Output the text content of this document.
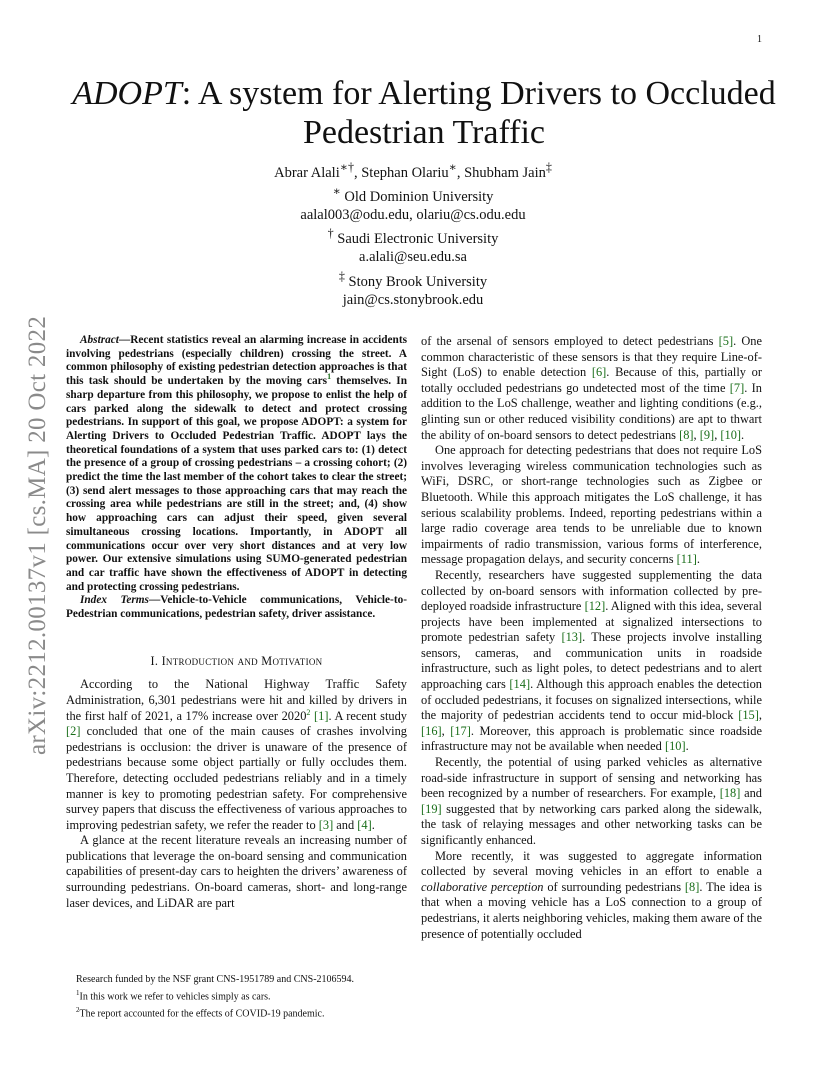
1
arXiv:2212.00137v1 [cs.MA] 20 Oct 2022
ADOPT: A system for Alerting Drivers to Occluded
Pedestrian Traffic
Abrar Alali∗†, Stephan Olariu∗, Shubham Jain‡
∗ Old Dominion University
aalal003@odu.edu, olariu@cs.odu.edu
† Saudi Electronic University
a.alali@seu.edu.sa
‡ Stony Brook University
jain@cs.stonybrook.edu

Abstract—Recent statistics reveal an alarming increase in accidents involving pedestrians (especially children) crossing the street. A common philosophy of existing pedestrian detection approaches is that this task should be undertaken by the moving cars$^1$ themselves. In sharp departure from this philosophy, we propose to enlist the help of cars parked along the sidewalk to detect and protect crossing pedestrians. In support of this goal, we propose ADOPT: a system for Alerting Drivers to Occluded Pedestrian Traffic. ADOPT lays the theoretical foundations of a system that uses parked cars to: (1) detect the presence of a group of crossing pedestrians – a crossing cohort; (2) predict the time the last member of the cohort takes to clear the street; (3) send alert messages to those approaching cars that may reach the crossing area while pedestrians are still in the street; and, (4) show how approaching cars can adjust their speed, given several simultaneous crossing locations. Importantly, in ADOPT all communications occur over very short distances and at very low power. Our extensive simulations using SUMO-generated pedestrian and car traffic have shown the effectiveness of ADOPT in detecting and protecting crossing pedestrians.

Index Terms—Vehicle-to-Vehicle communications, Vehicle-to-Pedestrian communications, pedestrian safety, driver assistance.

I. Introduction and Motivation

According to the National Highway Traffic Safety Administration, 6,301 pedestrians were hit and killed by drivers in the first half of 2021, a 17% increase over 2020$^2$ [1]. A recent study [2] concluded that one of the main causes of crashes involving pedestrians is occlusion: the driver is unaware of the presence of pedestrians because some object partially or fully occludes them. Therefore, detecting occluded pedestrians reliably and in a timely manner is key to promoting pedestrian safety. For comprehensive survey papers that discuss the effectiveness of various approaches to improving pedestrian safety, we refer the reader to [3] and [4].

A glance at the recent literature reveals an increasing number of publications that leverage the on-board sensing and communication capabilities of present-day cars to heighten the drivers’ awareness of surrounding pedestrians. On-board cameras, short- and long-range laser devices, and LiDAR are part

Research funded by the NSF grant CNS-1951789 and CNS-2106594.
$^1$In this work we refer to vehicles simply as cars.
$^2$The report accounted for the effects of COVID-19 pandemic.

of the arsenal of sensors employed to detect pedestrians [5]. One common characteristic of these sensors is that they require Line-of-Sight (LoS) to enable detection [6]. Because of this, partially or totally occluded pedestrians go undetected most of the time [7]. In addition to the LoS challenge, weather and lighting conditions (e.g., glinting sun or other reduced visibility conditions) are apt to thwart the ability of on-board sensors to detect pedestrians [8], [9], [10].

One approach for detecting pedestrians that does not require LoS involves leveraging wireless communication technologies such as WiFi, DSRC, or short-range technologies such as Zigbee or Bluetooth. While this approach mitigates the LoS challenge, it has serious scalability problems. Indeed, reporting pedestrians within a large radio coverage area tends to be unreliable due to known impairments of radio transmission, various forms of interference, message propagation delays, and security concerns [11].

Recently, researchers have suggested supplementing the data collected by on-board sensors with information collected by pre-deployed roadside infrastructure [12]. Aligned with this idea, several projects have been implemented at signalized intersections to promote pedestrian safety [13]. These projects involve installing sensors, cameras, and communication units in roadside infrastructure, such as light poles, to detect pedestrians and to alert approaching cars [14]. Although this approach enables the detection of occluded pedestrians, it focuses on signalized intersections, while the majority of pedestrian accidents tend to occur mid-block [15], [16], [17]. Moreover, this approach is problematic since roadside infrastructure may not be available when needed [10].

Recently, the potential of using parked vehicles as alternative road-side infrastructure in support of sensing and networking has been recognized by a number of researchers. For example, [18] and [19] suggested that by networking cars parked along the sidewalk, the task of relaying messages and other networking tasks can be significantly enhanced.

More recently, it was suggested to aggregate information collected by several moving vehicles in an effort to enable a collaborative perception of surrounding pedestrians [8]. The idea is that when a moving vehicle has a LoS connection to a group of pedestrians, it alerts neighboring vehicles, making them aware of the presence of potentially occluded
